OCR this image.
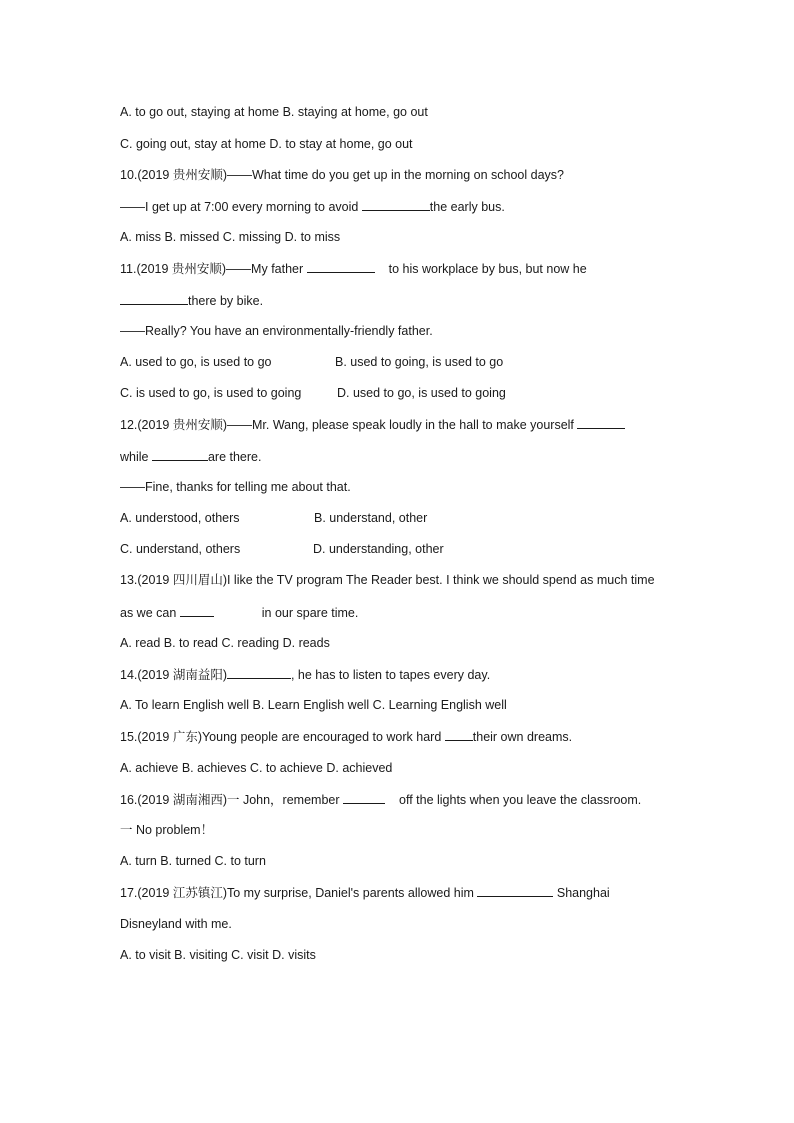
A. to go out, staying at home B. staying at home, go out
C. going out, stay at home D. to stay at home, go out
10.(2019 贵州安顺)——What time do you get up in the morning on school days?
——I get up at 7:00 every morning to avoid	the early bus.
A. miss B. missed C. missing D. to miss
11.(2019 贵州安顺)——My father	to his workplace by bus, but now he
there by bike.
——Really? You have an environmentally-friendly father.
A. used to go, is used to go	B. used to going, is used to go
C. is used to go, is used to going	D. used to go, is used to going
12.(2019 贵州安顺)——Mr. Wang, please speak loudly in the hall to make yourself
while	are there.
——Fine, thanks for telling me about that.
A. understood, others	B. understand, other
C. understand, others	D. understanding, other
13.(2019 四川眉山)I like the TV program The Reader best. I think we should spend as much time
as we can	in our spare time.
A. read B. to read C. reading D. reads
14.(2019 湖南益阳)	, he has to listen to tapes every day.
A. To learn English well B. Learn English well C. Learning English well
15.(2019 广东)Young people are encouraged to work hard their own dreams.
A. achieve B. achieves C. to achieve D. achieved
16.(2019 湖南湘西)一 John，remember	off the lights when you leave the classroom.
一 No problem！
A. turn B. turned C. to turn
17.(2019 江苏镇江)To my surprise, Daniel's parents allowed him	Shanghai
Disneyland with me.
A. to visit B. visiting C. visit D. visits
